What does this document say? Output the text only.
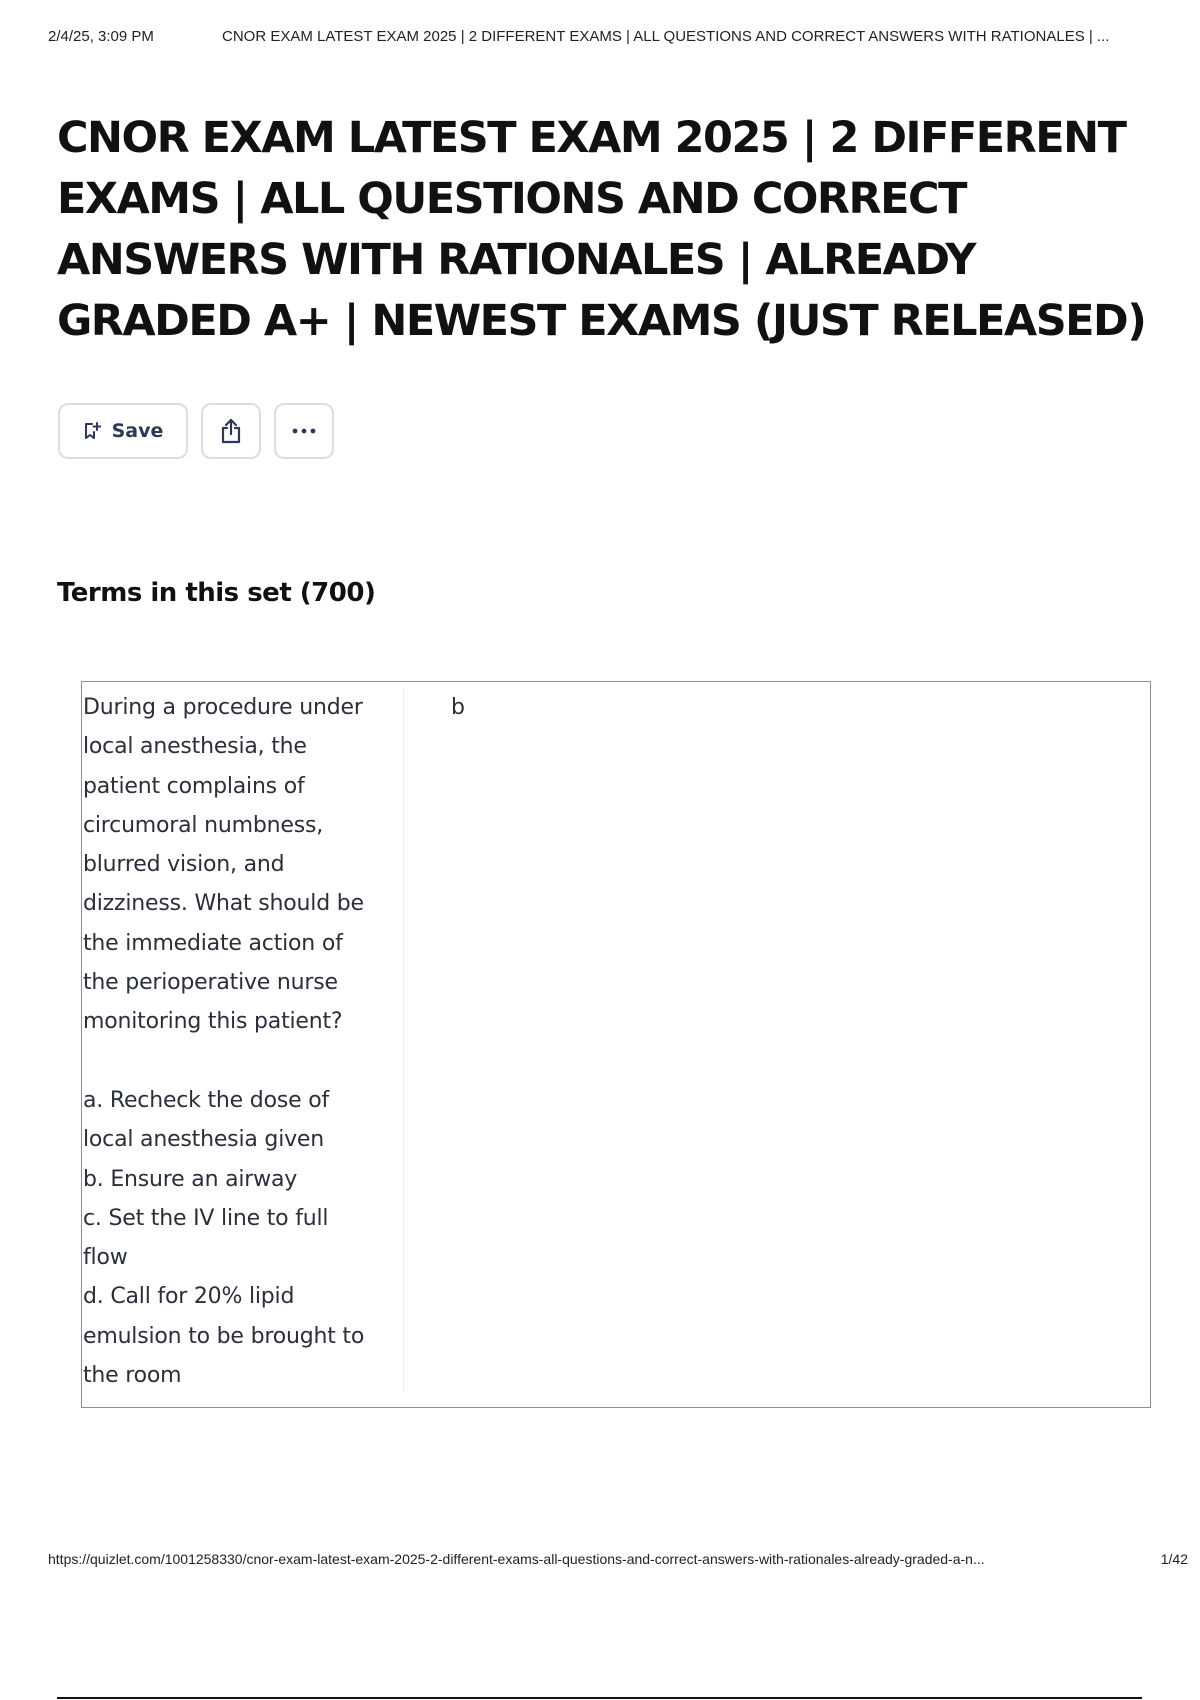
2/4/25, 3:09 PM	CNOR EXAM LATEST EXAM 2025 | 2 DIFFERENT EXAMS | ALL QUESTIONS AND CORRECT ANSWERS WITH RATIONALES | ...
CNOR EXAM LATEST EXAM 2025 | 2 DIFFERENT EXAMS | ALL QUESTIONS AND CORRECT ANSWERS WITH RATIONALES | ALREADY GRADED A+ | NEWEST EXAMS (JUST RELEASED)
Save
Terms in this set (700)
During a procedure under
local anesthesia, the
patient complains of
circumoral numbness,
blurred vision, and
dizziness. What should be
the immediate action of
the perioperative nurse
monitoring this patient?

a. Recheck the dose of
local anesthesia given
b. Ensure an airway
c. Set the IV line to full
flow
d. Call for 20% lipid
emulsion to be brought to
the room
b
https://quizlet.com/1001258330/cnor-exam-latest-exam-2025-2-different-exams-all-questions-and-correct-answers-with-rationales-already-graded-a-n...	1/42
